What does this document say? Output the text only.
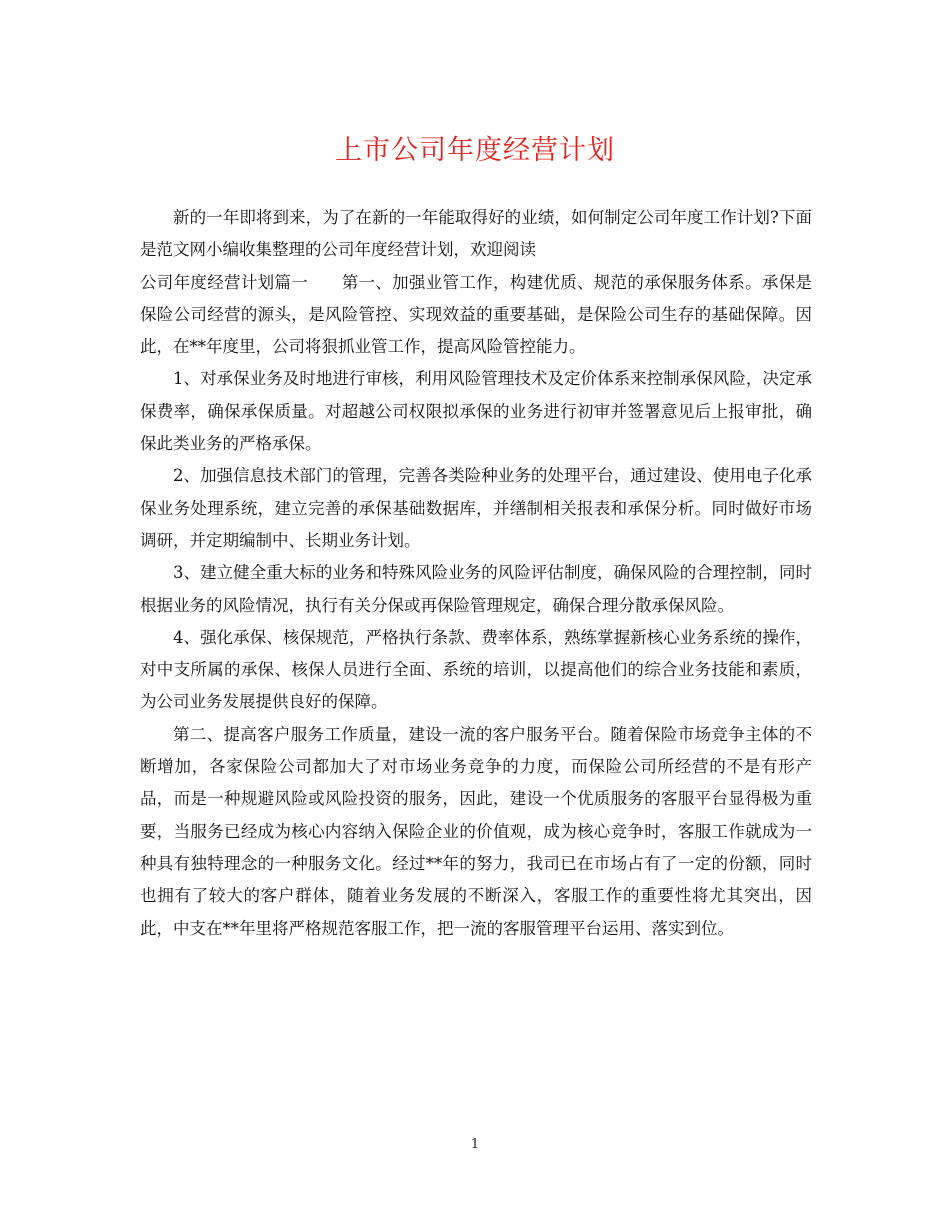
上市公司年度经营计划

新的一年即将到来，为了在新的一年能取得好的业绩，如何制定公司年度工作计划?下面是范文网小编收集整理的公司年度经营计划，欢迎阅读

公司年度经营计划篇一　　第一、加强业管工作，构建优质、规范的承保服务体系。承保是保险公司经营的源头，是风险管控、实现效益的重要基础，是保险公司生存的基础保障。因此，在**年度里，公司将狠抓业管工作，提高风险管控能力。

1、对承保业务及时地进行审核，利用风险管理技术及定价体系来控制承保风险，决定承保费率，确保承保质量。对超越公司权限拟承保的业务进行初审并签署意见后上报审批，确保此类业务的严格承保。

2、加强信息技术部门的管理，完善各类险种业务的处理平台，通过建设、使用电子化承保业务处理系统，建立完善的承保基础数据库，并缮制相关报表和承保分析。同时做好市场调研，并定期编制中、长期业务计划。

3、建立健全重大标的业务和特殊风险业务的风险评估制度，确保风险的合理控制，同时根据业务的风险情况，执行有关分保或再保险管理规定，确保合理分散承保风险。

4、强化承保、核保规范，严格执行条款、费率体系，熟练掌握新核心业务系统的操作，对中支所属的承保、核保人员进行全面、系统的培训，以提高他们的综合业务技能和素质，为公司业务发展提供良好的保障。

第二、提高客户服务工作质量，建设一流的客户服务平台。随着保险市场竞争主体的不断增加，各家保险公司都加大了对市场业务竞争的力度，而保险公司所经营的不是有形产品，而是一种规避风险或风险投资的服务，因此，建设一个优质服务的客服平台显得极为重要，当服务已经成为核心内容纳入保险企业的价值观，成为核心竞争时，客服工作就成为一种具有独特理念的一种服务文化。经过**年的努力，我司已在市场占有了一定的份额，同时也拥有了较大的客户群体，随着业务发展的不断深入，客服工作的重要性将尤其突出，因此，中支在**年里将严格规范客服工作，把一流的客服管理平台运用、落实到位。

1
